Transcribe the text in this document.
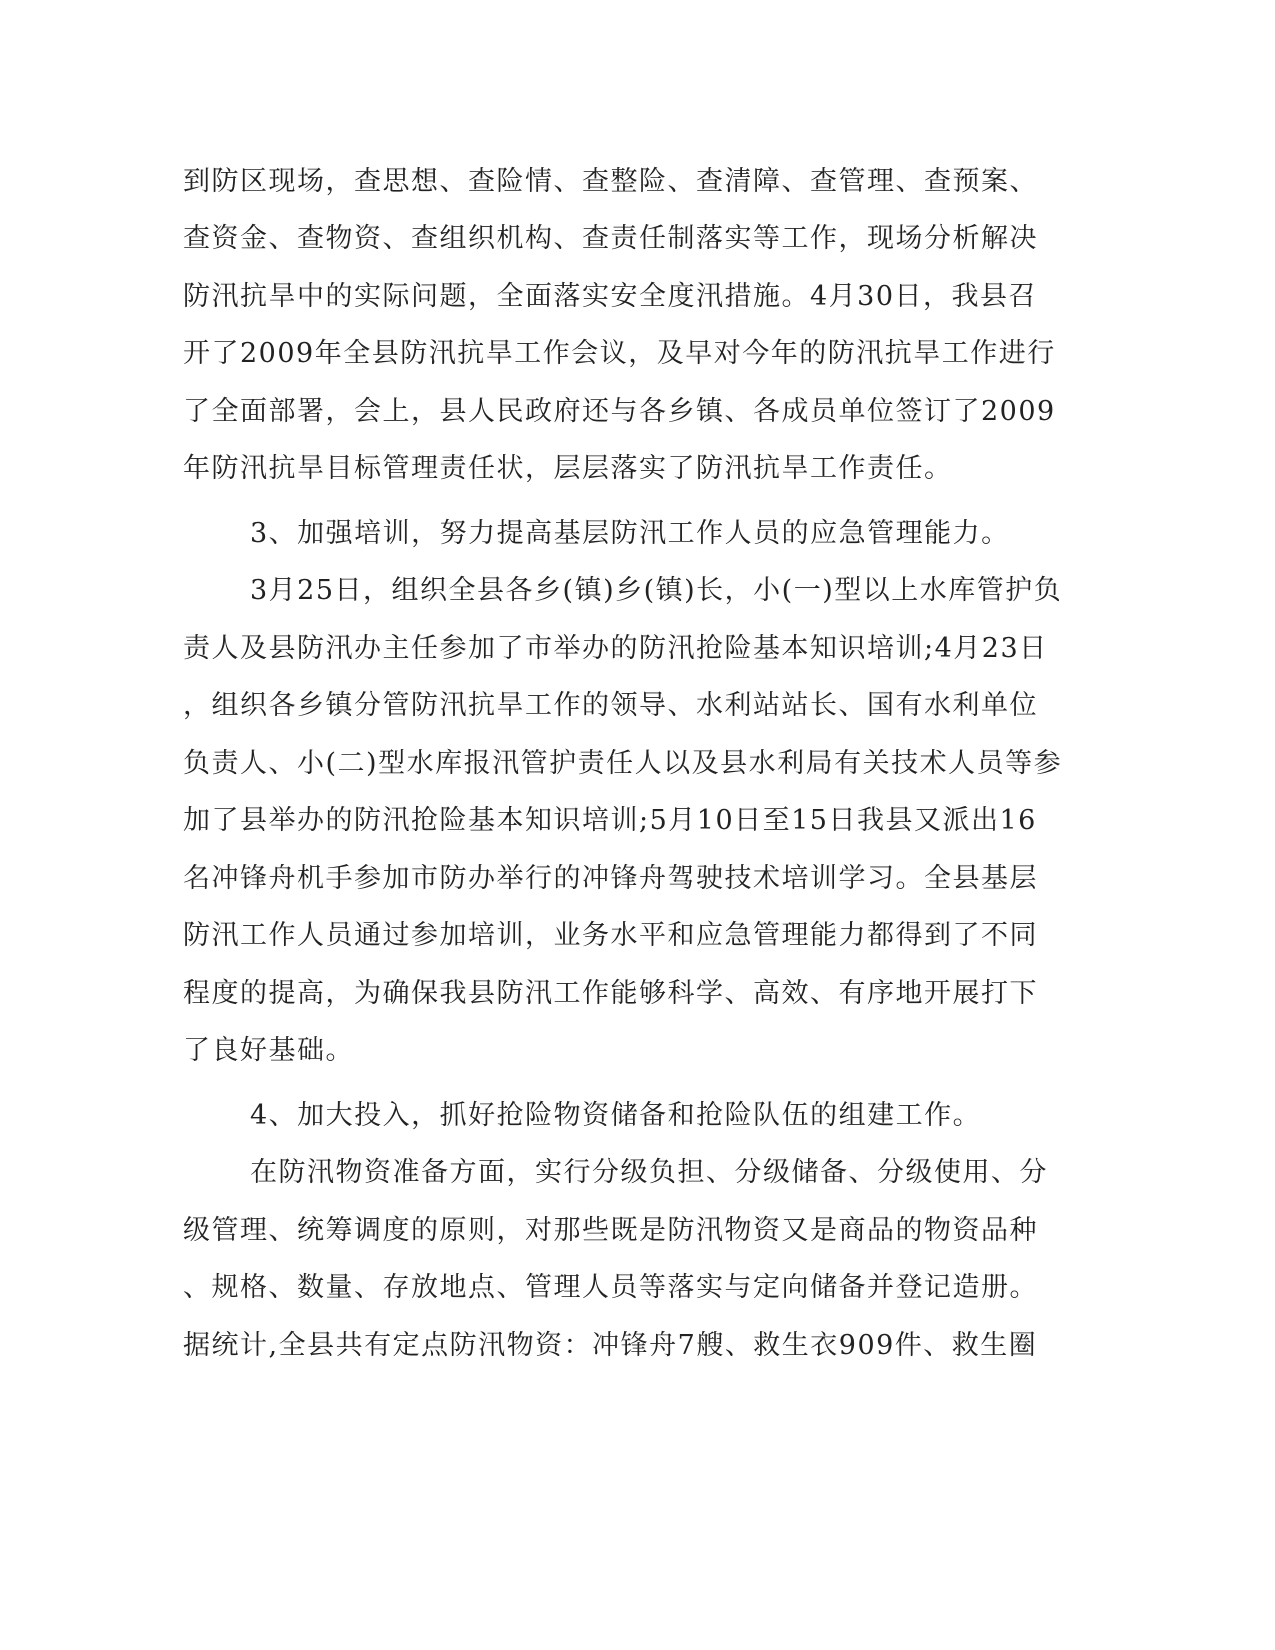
到防区现场，查思想、查险情、查整险、查清障、查管理、查预案、

查资金、查物资、查组织机构、查责任制落实等工作，现场分析解决

防汛抗旱中的实际问题，全面落实安全度汛措施。4月30日，我县召

开了2009年全县防汛抗旱工作会议，及早对今年的防汛抗旱工作进行

了全面部署，会上，县人民政府还与各乡镇、各成员单位签订了2009

年防汛抗旱目标管理责任状，层层落实了防汛抗旱工作责任。

3、加强培训，努力提高基层防汛工作人员的应急管理能力。

3月25日，组织全县各乡(镇)乡(镇)长，小(一)型以上水库管护负

责人及县防汛办主任参加了市举办的防汛抢险基本知识培训;4月23日

，组织各乡镇分管防汛抗旱工作的领导、水利站站长、国有水利单位

负责人、小(二)型水库报汛管护责任人以及县水利局有关技术人员等参

加了县举办的防汛抢险基本知识培训;5月10日至15日我县又派出16

名冲锋舟机手参加市防办举行的冲锋舟驾驶技术培训学习。全县基层

防汛工作人员通过参加培训，业务水平和应急管理能力都得到了不同

程度的提高，为确保我县防汛工作能够科学、高效、有序地开展打下

了良好基础。

4、加大投入，抓好抢险物资储备和抢险队伍的组建工作。

在防汛物资准备方面，实行分级负担、分级储备、分级使用、分

级管理、统筹调度的原则，对那些既是防汛物资又是商品的物资品种

、规格、数量、存放地点、管理人员等落实与定向储备并登记造册。

据统计,全县共有定点防汛物资：冲锋舟7艘、救生衣909件、救生圈
